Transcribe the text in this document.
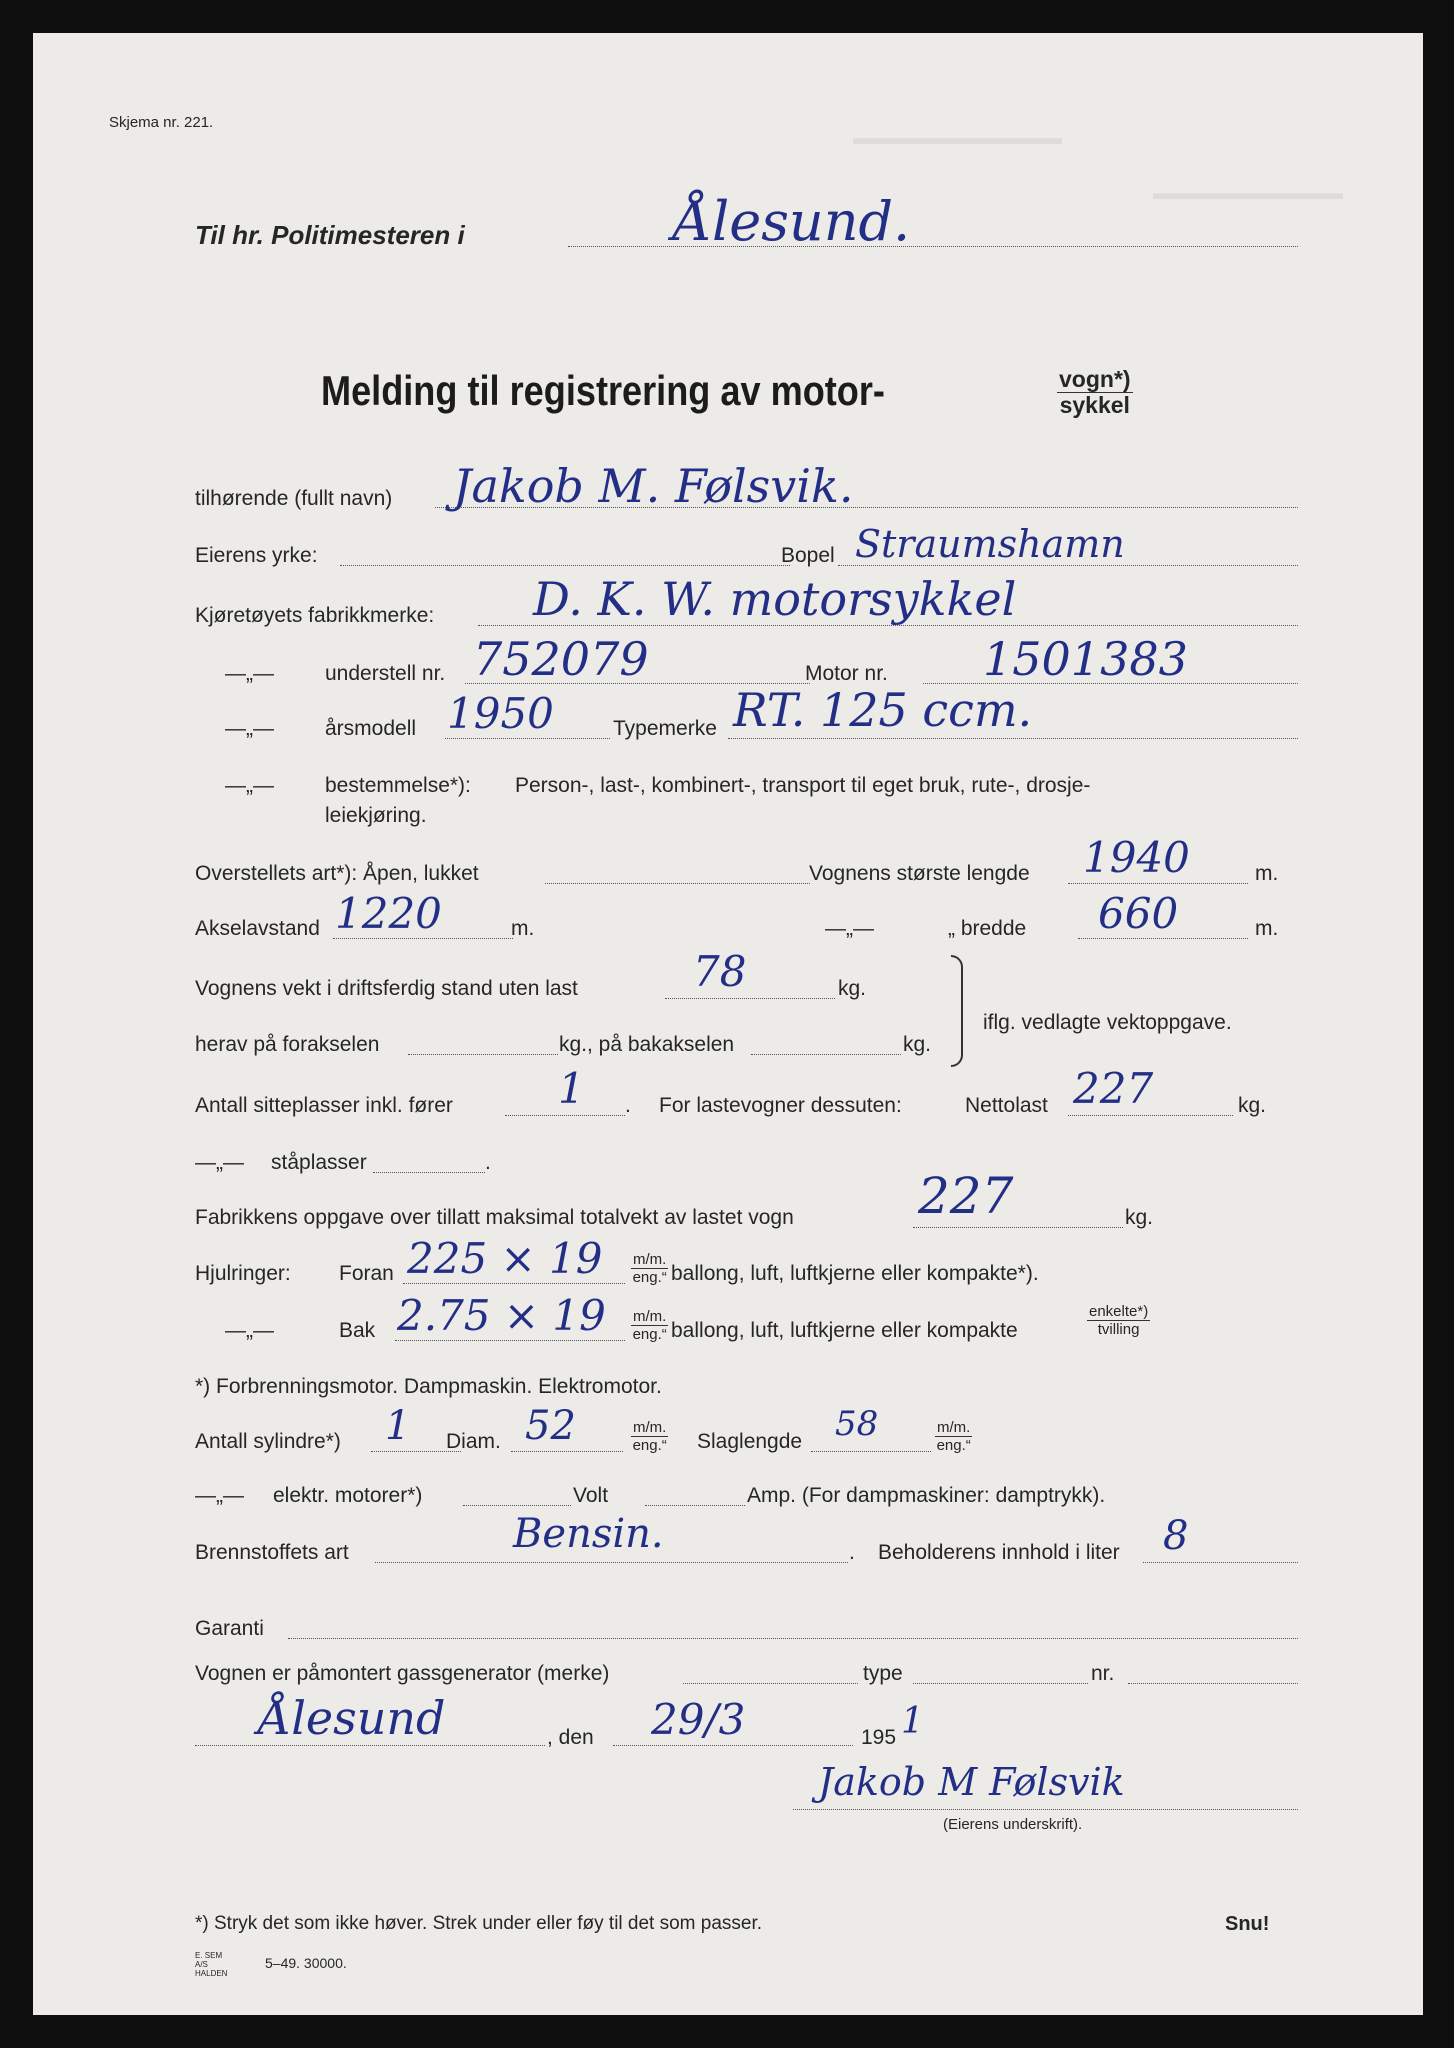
▬▬▬▬▬▬▬▬▬▬▬
▬▬▬▬▬▬▬▬▬▬
Skjema nr. 221.
Til hr. Politimesteren i	Ålesund.
Melding til registrering av motor-	vogn*)
sykkel
tilhørende (fullt navn) Jakob M. Følsvik.
Eierens yrke:	Bopel Straumshamn
Kjøretøyets fabrikkmerke: D. K. W. motorsykkel
—„— understell nr. 752079	Motor nr. 1501383
—„— årsmodell 1950	Typemerke RT. 125 ccm.
—„— bestemmelse*): Person-, last-, kombinert-, transport til eget bruk, rute-, drosje-
leiekjøring.
Overstellets art*): Åpen, lukket	Vognens største lengde 1940	m.
Akselavstand 1220	m.	—„—	„ bredde 660	m.
Vognens vekt i driftsferdig stand uten last	78	kg.
herav på forakselen	kg., på bakakselen	kg.
iflg. vedlagte vektoppgave.
Antall sitteplasser inkl. fører	1 . For lastevogner dessuten:	Nettolast 227	kg.
—„— ståplasser	.
Fabrikkens oppgave over tillatt maksimal totalvekt av lastet vogn 227	kg.
Hjulringer: Foran 225 × 19 m/m.
eng.“ ballong, luft, luftkjerne eller kompakte*).
—„—	Bak 2.75 × 19 m/m.
eng.“ ballong, luft, luftkjerne eller kompakte
enkelte*)
tvilling
*) Forbrenningsmotor. Dampmaskin. Elektromotor.
Antall sylindre*) 1 Diam. 52	m/m.
eng.“ Slaglengde 58	m/m.
eng.“
—„— elektr. motorer*)	Volt	Amp. (For dampmaskiner: damptrykk).
Brennstoffets art	Bensin.	. Beholderens innhold i liter 8
Garanti
Vognen er påmontert gassgenerator (merke)	type	nr.
Ålesund	, den 29/3	195 1
Jakob M Følsvik
(Eierens underskrift).
*) Stryk det som ikke høver. Strek under eller føy til det som passer.	Snu!
E. SEM A/S HALDEN
5–49. 30000.
